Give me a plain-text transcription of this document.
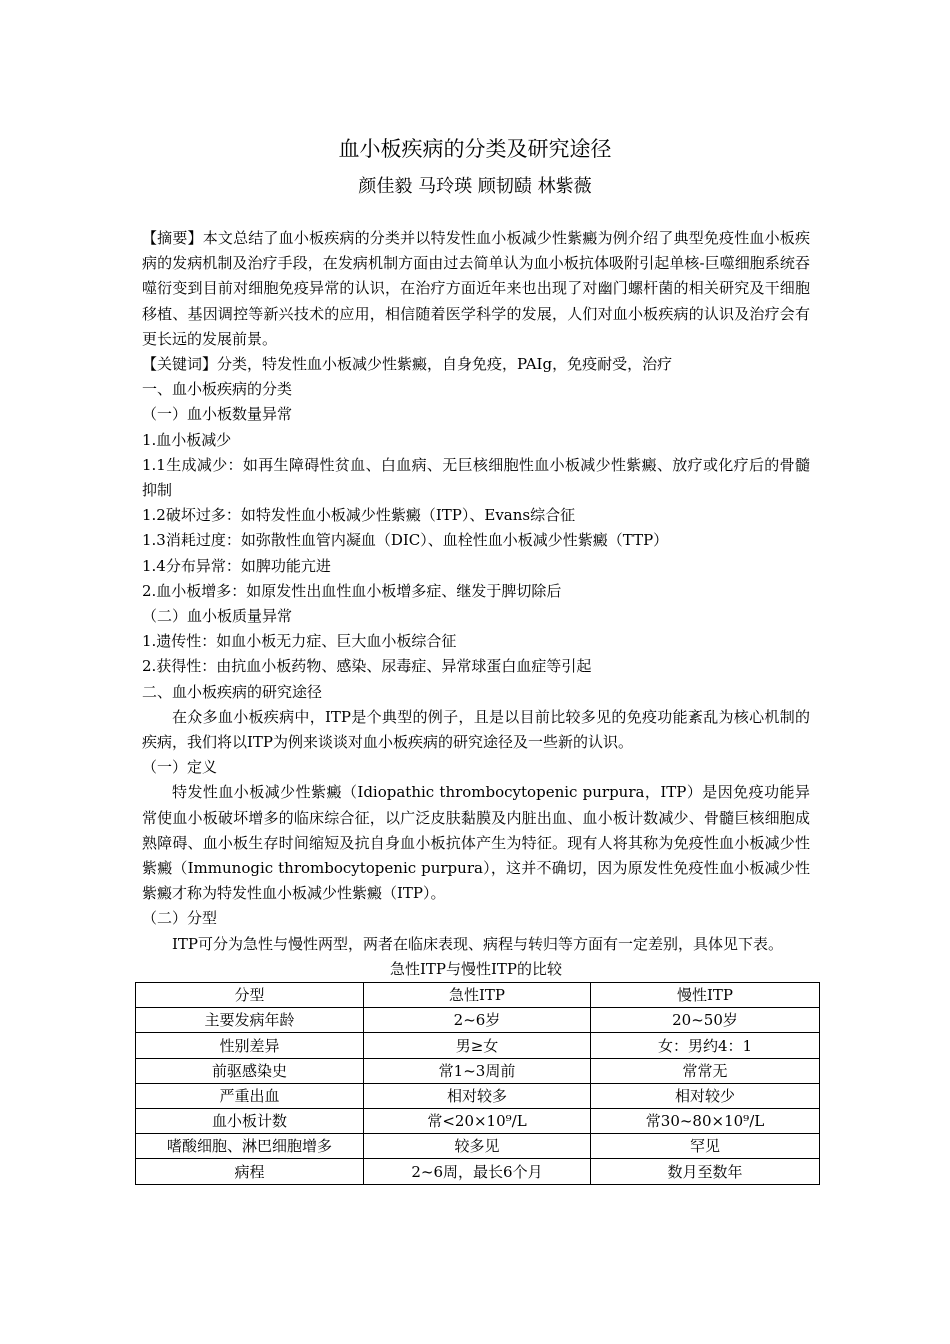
血小板疾病的分类及研究途径
颜佳毅 马玲瑛 顾韧赜 林紫薇

【摘要】本文总结了血小板疾病的分类并以特发性血小板减少性紫癜为例介绍了典型免疫性血小板疾病的发病机制及治疗手段，在发病机制方面由过去简单认为血小板抗体吸附引起单核-巨噬细胞系统吞噬衍变到目前对细胞免疫异常的认识，在治疗方面近年来也出现了对幽门螺杆菌的相关研究及干细胞移植、基因调控等新兴技术的应用，相信随着医学科学的发展，人们对血小板疾病的认识及治疗会有更长远的发展前景。

【关键词】分类，特发性血小板减少性紫癜，自身免疫，PAIg，免疫耐受，治疗

一、血小板疾病的分类

（一）血小板数量异常

1.血小板减少

1.1生成减少：如再生障碍性贫血、白血病、无巨核细胞性血小板减少性紫癜、放疗或化疗后的骨髓抑制

1.2破坏过多：如特发性血小板减少性紫癜（ITP）、Evans综合征

1.3消耗过度：如弥散性血管内凝血（DIC）、血栓性血小板减少性紫癜（TTP）

1.4分布异常：如脾功能亢进

2.血小板增多：如原发性出血性血小板增多症、继发于脾切除后

（二）血小板质量异常

1.遗传性：如血小板无力症、巨大血小板综合征

2.获得性：由抗血小板药物、感染、尿毒症、异常球蛋白血症等引起

二、血小板疾病的研究途径

在众多血小板疾病中，ITP是个典型的例子，且是以目前比较多见的免疫功能紊乱为核心机制的疾病，我们将以ITP为例来谈谈对血小板疾病的研究途径及一些新的认识。

（一）定义

特发性血小板减少性紫癜（Idiopathic thrombocytopenic purpura，ITP）是因免疫功能异常使血小板破坏增多的临床综合征，以广泛皮肤黏膜及内脏出血、血小板计数减少、骨髓巨核细胞成熟障碍、血小板生存时间缩短及抗自身血小板抗体产生为特征。现有人将其称为免疫性血小板减少性紫癜（Immunogic thrombocytopenic purpura），这并不确切，因为原发性免疫性血小板减少性紫癜才称为特发性血小板减少性紫癜（ITP）。

（二）分型

ITP可分为急性与慢性两型，两者在临床表现、病程与转归等方面有一定差别，具体见下表。

急性ITP与慢性ITP的比较

分型	急性ITP	慢性ITP
主要发病年龄	2~6岁	20~50岁
性别差异	男≥女	女：男约4：1
前驱感染史	常1~3周前	常常无
严重出血	相对较多	相对较少
血小板计数	常<20×10⁹/L	常30~80×10⁹/L
嗜酸细胞、淋巴细胞增多	较多见	罕见
病程	2~6周，最长6个月	数月至数年
